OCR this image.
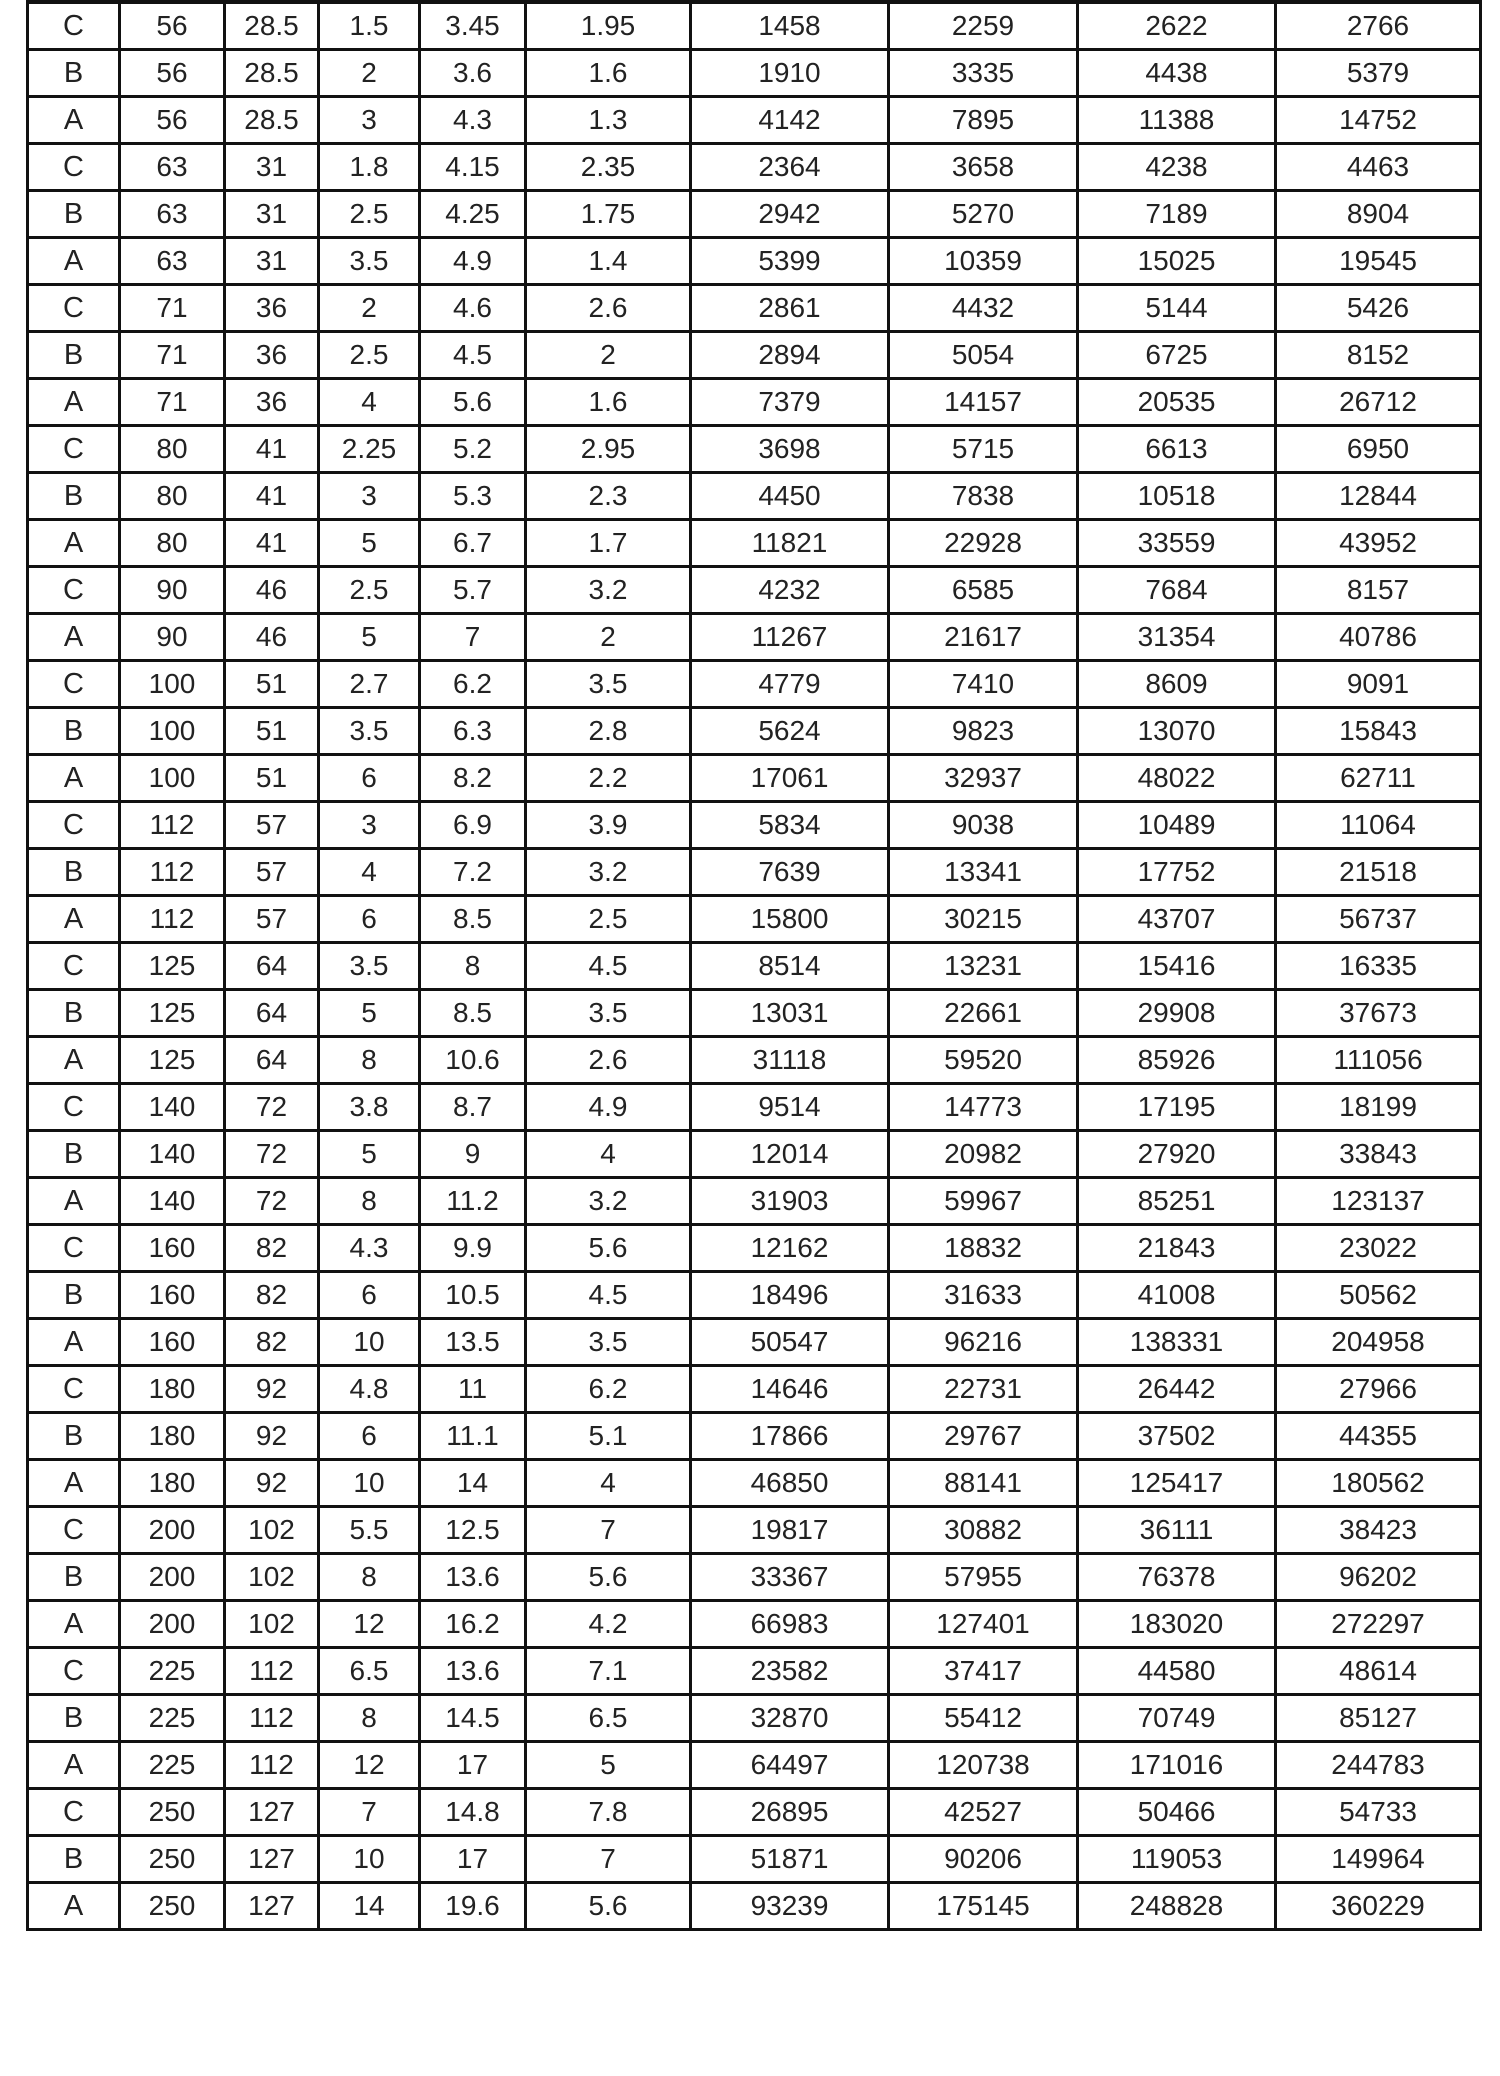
C	56	28.5	1.5	3.45	1.95	1458	2259	2622	2766
B	56	28.5	2	3.6	1.6	1910	3335	4438	5379
A	56	28.5	3	4.3	1.3	4142	7895	11388	14752
C	63	31	1.8	4.15	2.35	2364	3658	4238	4463
B	63	31	2.5	4.25	1.75	2942	5270	7189	8904
A	63	31	3.5	4.9	1.4	5399	10359	15025	19545
C	71	36	2	4.6	2.6	2861	4432	5144	5426
B	71	36	2.5	4.5	2	2894	5054	6725	8152
A	71	36	4	5.6	1.6	7379	14157	20535	26712
C	80	41	2.25	5.2	2.95	3698	5715	6613	6950
B	80	41	3	5.3	2.3	4450	7838	10518	12844
A	80	41	5	6.7	1.7	11821	22928	33559	43952
C	90	46	2.5	5.7	3.2	4232	6585	7684	8157
A	90	46	5	7	2	11267	21617	31354	40786
C	100	51	2.7	6.2	3.5	4779	7410	8609	9091
B	100	51	3.5	6.3	2.8	5624	9823	13070	15843
A	100	51	6	8.2	2.2	17061	32937	48022	62711
C	112	57	3	6.9	3.9	5834	9038	10489	11064
B	112	57	4	7.2	3.2	7639	13341	17752	21518
A	112	57	6	8.5	2.5	15800	30215	43707	56737
C	125	64	3.5	8	4.5	8514	13231	15416	16335
B	125	64	5	8.5	3.5	13031	22661	29908	37673
A	125	64	8	10.6	2.6	31118	59520	85926	111056
C	140	72	3.8	8.7	4.9	9514	14773	17195	18199
B	140	72	5	9	4	12014	20982	27920	33843
A	140	72	8	11.2	3.2	31903	59967	85251	123137
C	160	82	4.3	9.9	5.6	12162	18832	21843	23022
B	160	82	6	10.5	4.5	18496	31633	41008	50562
A	160	82	10	13.5	3.5	50547	96216	138331	204958
C	180	92	4.8	11	6.2	14646	22731	26442	27966
B	180	92	6	11.1	5.1	17866	29767	37502	44355
A	180	92	10	14	4	46850	88141	125417	180562
C	200	102	5.5	12.5	7	19817	30882	36111	38423
B	200	102	8	13.6	5.6	33367	57955	76378	96202
A	200	102	12	16.2	4.2	66983	127401	183020	272297
C	225	112	6.5	13.6	7.1	23582	37417	44580	48614
B	225	112	8	14.5	6.5	32870	55412	70749	85127
A	225	112	12	17	5	64497	120738	171016	244783
C	250	127	7	14.8	7.8	26895	42527	50466	54733
B	250	127	10	17	7	51871	90206	119053	149964
A	250	127	14	19.6	5.6	93239	175145	248828	360229
